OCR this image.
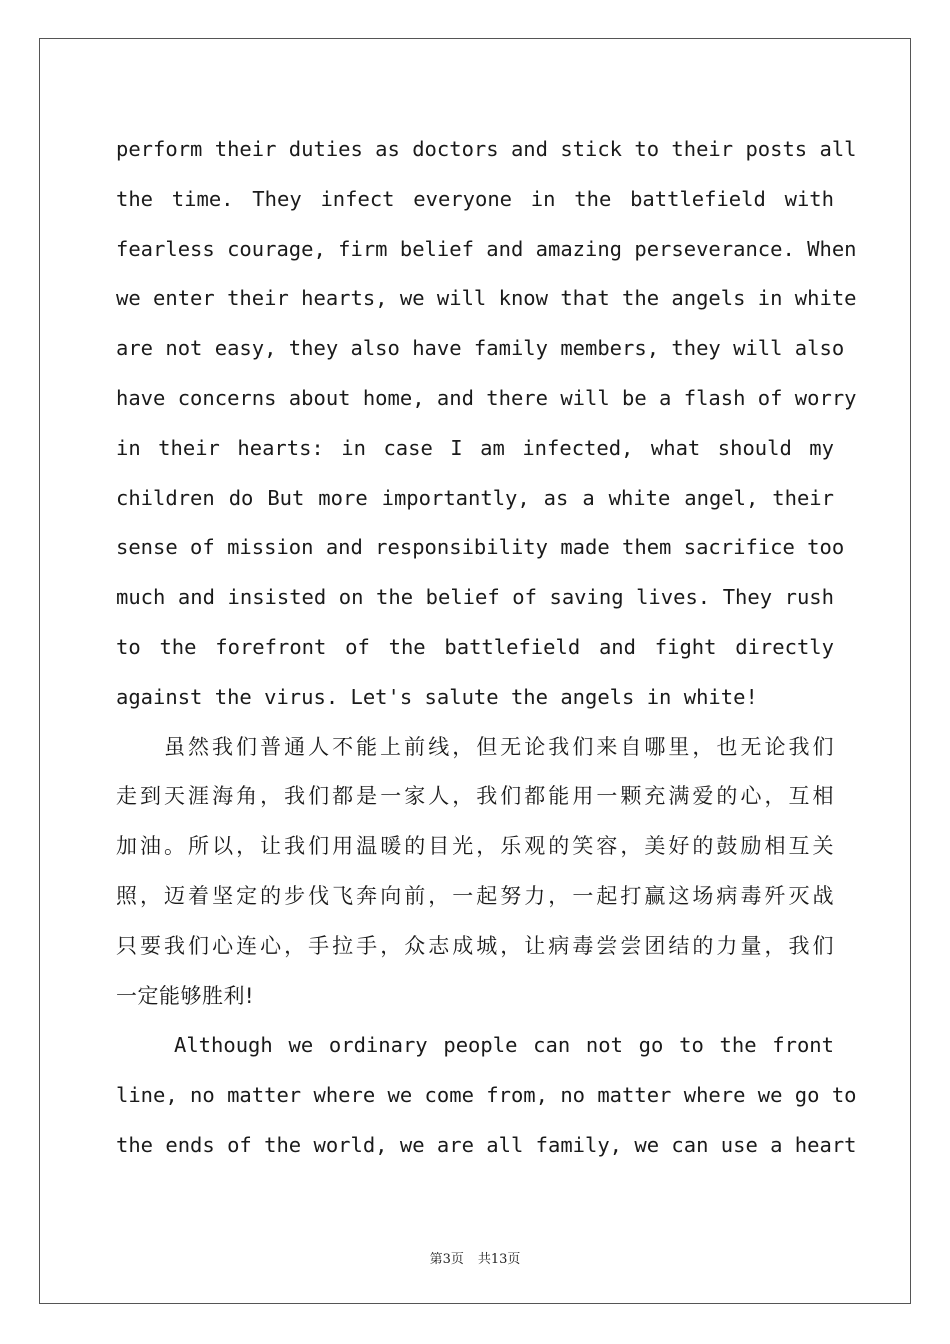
perform their duties as doctors and stick to their posts all
the time. They infect everyone in the battlefield with
fearless courage, firm belief and amazing perseverance. When
we enter their hearts, we will know that the angels in white
are not easy, they also have family members, they will also
have concerns about home, and there will be a flash of worry
in their hearts: in case I am infected, what should my
children do But more importantly, as a white angel, their
sense of mission and responsibility made them sacrifice too
much and insisted on the belief of saving lives. They rush
to the forefront of the battlefield and fight directly
against the virus. Let's salute the angels in white!
虽然我们普通人不能上前线，但无论我们来自哪里，也无论我们
走到天涯海角，我们都是一家人，我们都能用一颗充满爱的心，互相
加油。所以，让我们用温暖的目光，乐观的笑容，美好的鼓励相互关
照，迈着坚定的步伐飞奔向前，一起努力，一起打赢这场病毒歼灭战
只要我们心连心，手拉手，众志成城，让病毒尝尝团结的力量，我们
一定能够胜利!
Although we ordinary people can not go to the front
line, no matter where we come from, no matter where we go to
the ends of the world, we are all family, we can use a heart
第3页 共13页
